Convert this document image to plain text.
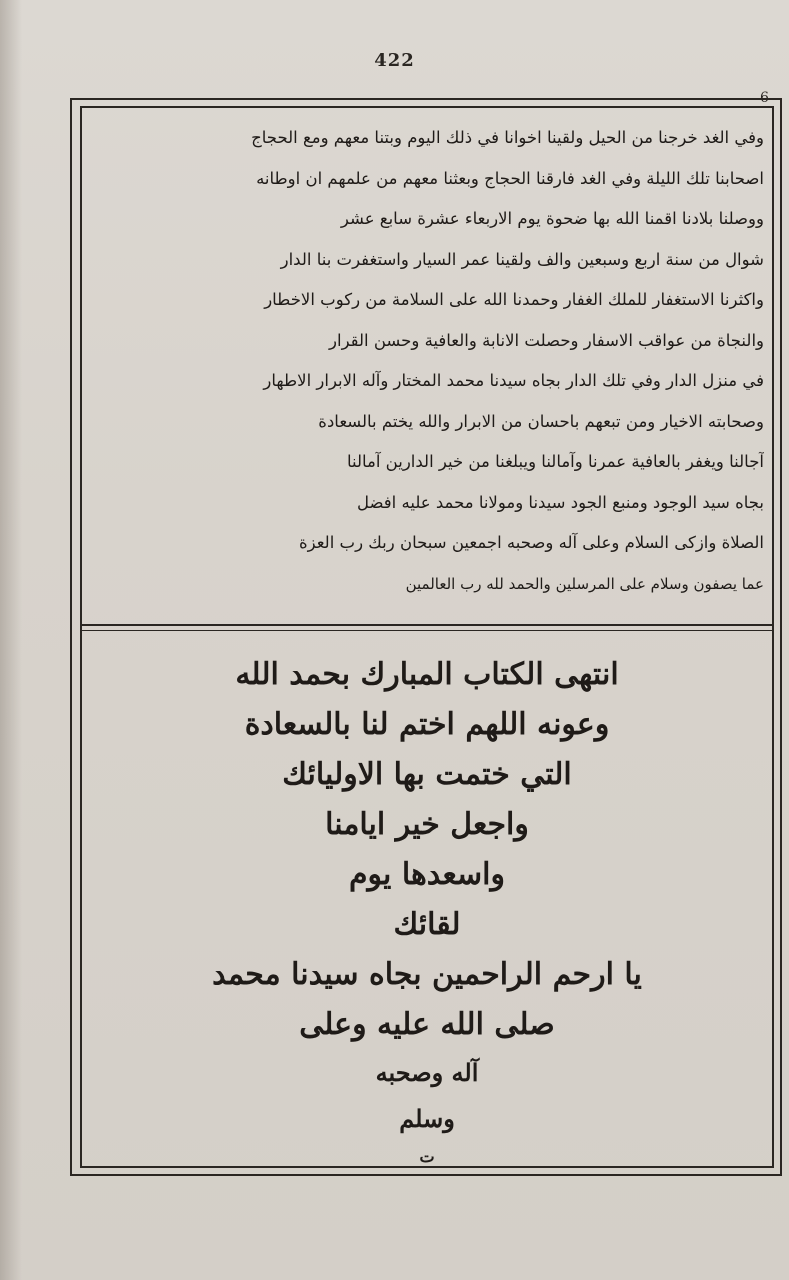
422
6
وفي الغد خرجنا من الحيل ولقينا اخوانا في ذلك اليوم وبتنا معهم ومع الحجاج
اصحابنا تلك الليلة وفي الغد فارقنا الحجاج وبعثنا معهم من علمهم ان اوطانه
ووصلنا بلادنا اقمنا الله بها ضحوة يوم الاربعاء عشرة سابع عشر
شوال من سنة اربع وسبعين والف ولقينا عمر السيار واستغفرت بنا الدار
واكثرنا الاستغفار للملك الغفار وحمدنا الله على السلامة من ركوب الاخطار
والنجاة من عواقب الاسفار وحصلت الانابة والعافية وحسن القرار
في منزل الدار وفي تلك الدار بجاه سيدنا محمد المختار وآله الابرار الاطهار
وصحابته الاخيار ومن تبعهم باحسان من الابرار والله يختم بالسعادة
آجالنا ويغفر بالعافية عمرنا وآمالنا ويبلغنا من خير الدارين آمالنا
بجاه سيد الوجود ومنبع الجود سيدنا ومولانا محمد عليه افضل
الصلاة وازكى السلام وعلى آله وصحبه اجمعين سبحان ربك رب العزة
عما يصفون وسلام على المرسلين والحمد لله رب العالمين
انتهى الكتاب المبارك بحمد الله
وعونه اللهم اختم لنا بالسعادة
التي ختمت بها الاوليائك
واجعل خير ايامنا
واسعدها يوم
لقائك
يا ارحم الراحمين بجاه سيدنا محمد
صلى الله عليه وعلى
آله وصحبه
وسلم
ت
